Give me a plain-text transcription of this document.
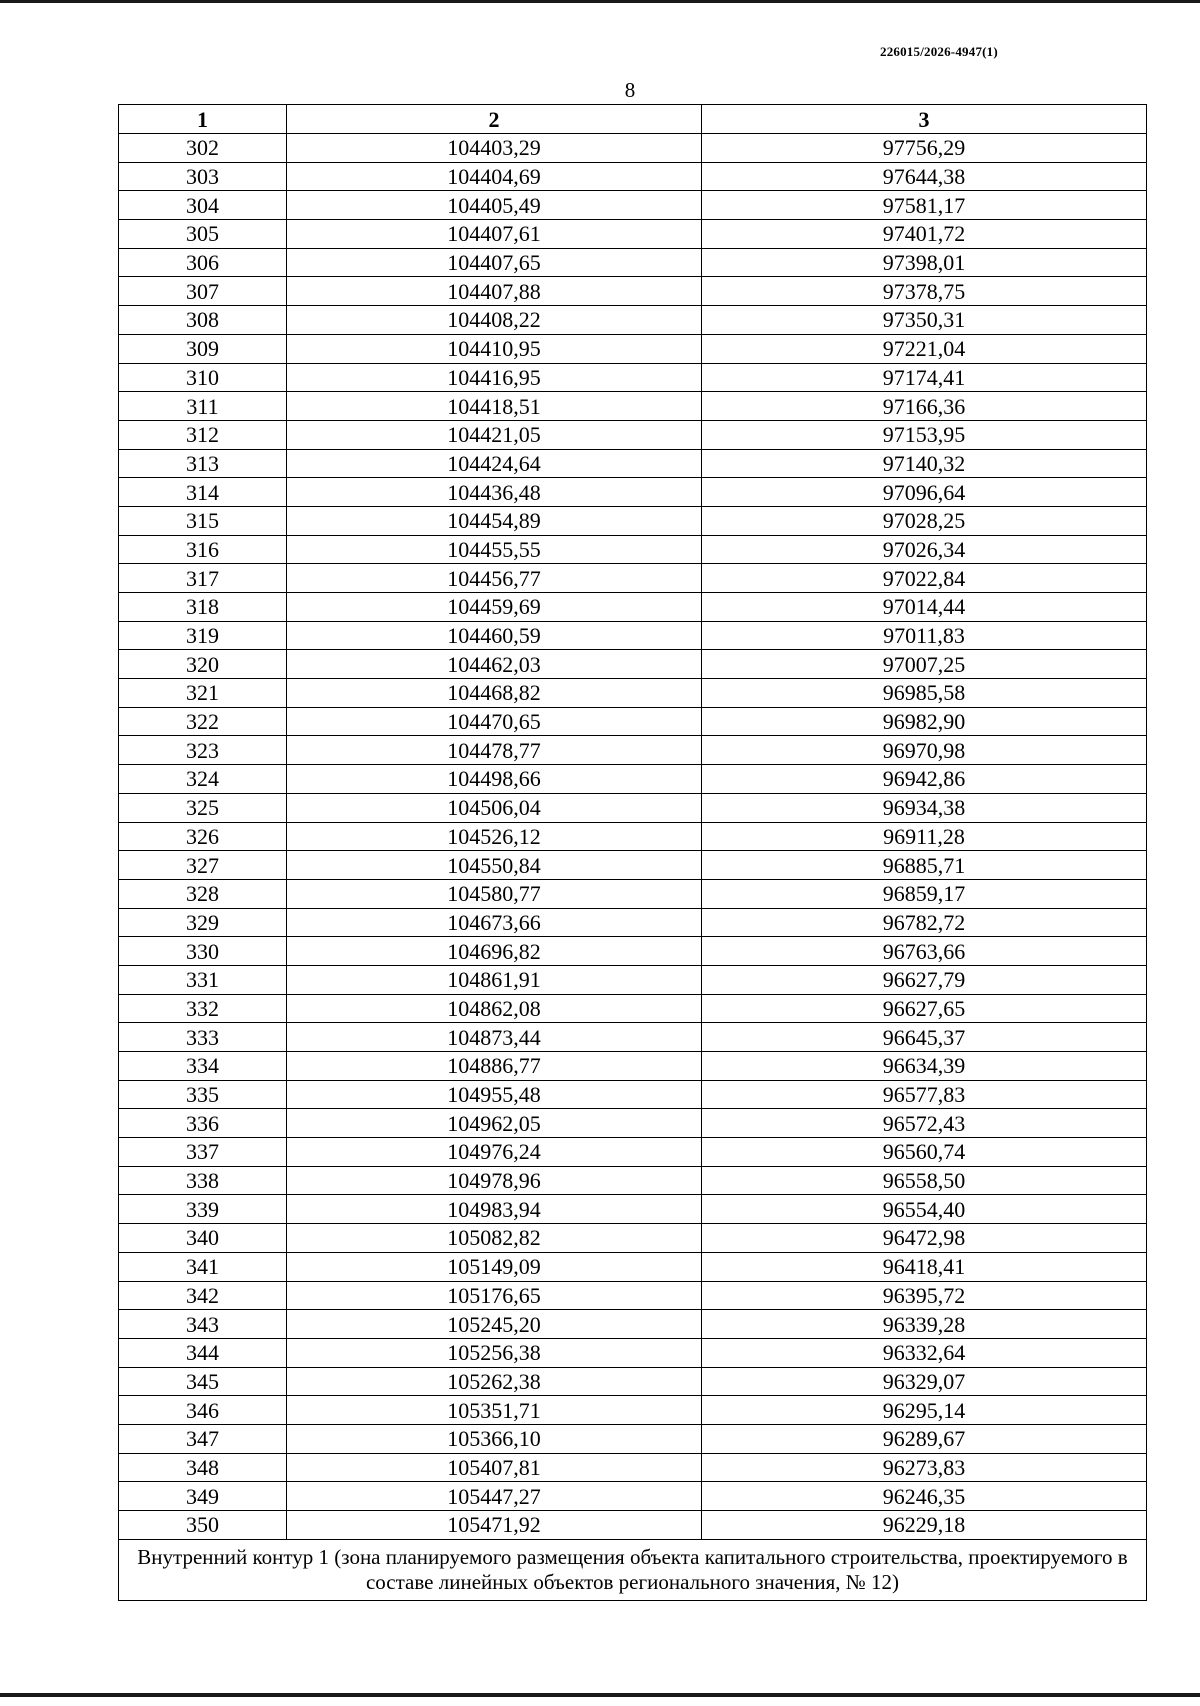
226015/2026-4947(1)
8
1	2	3
302	104403,29	97756,29
303	104404,69	97644,38
304	104405,49	97581,17
305	104407,61	97401,72
306	104407,65	97398,01
307	104407,88	97378,75
308	104408,22	97350,31
309	104410,95	97221,04
310	104416,95	97174,41
311	104418,51	97166,36
312	104421,05	97153,95
313	104424,64	97140,32
314	104436,48	97096,64
315	104454,89	97028,25
316	104455,55	97026,34
317	104456,77	97022,84
318	104459,69	97014,44
319	104460,59	97011,83
320	104462,03	97007,25
321	104468,82	96985,58
322	104470,65	96982,90
323	104478,77	96970,98
324	104498,66	96942,86
325	104506,04	96934,38
326	104526,12	96911,28
327	104550,84	96885,71
328	104580,77	96859,17
329	104673,66	96782,72
330	104696,82	96763,66
331	104861,91	96627,79
332	104862,08	96627,65
333	104873,44	96645,37
334	104886,77	96634,39
335	104955,48	96577,83
336	104962,05	96572,43
337	104976,24	96560,74
338	104978,96	96558,50
339	104983,94	96554,40
340	105082,82	96472,98
341	105149,09	96418,41
342	105176,65	96395,72
343	105245,20	96339,28
344	105256,38	96332,64
345	105262,38	96329,07
346	105351,71	96295,14
347	105366,10	96289,67
348	105407,81	96273,83
349	105447,27	96246,35
350	105471,92	96229,18
Внутренний контур 1 (зона планируемого размещения объекта капитального строительства, проектируемого в составе линейных объектов регионального значения, № 12)		
